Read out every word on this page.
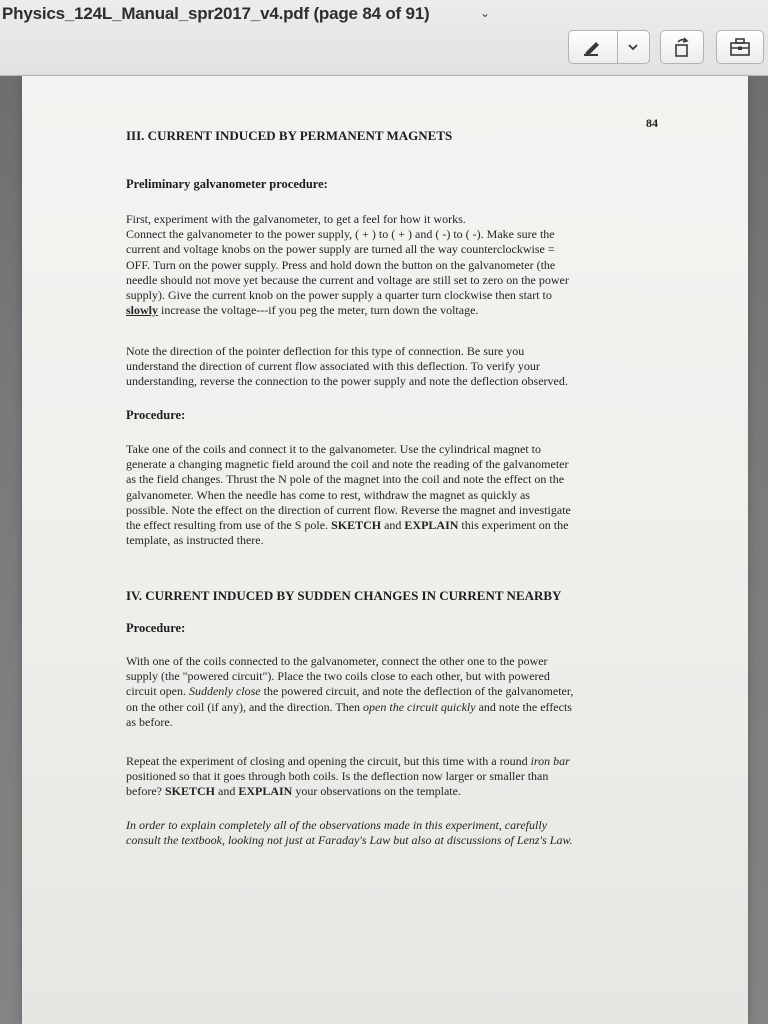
Physics_124L_Manual_spr2017_v4.pdf (page 84 of 91)	⌄
84
III. CURRENT INDUCED BY PERMANENT MAGNETS
Preliminary galvanometer procedure:
First, experiment with the galvanometer, to get a feel for how it works.
Connect the galvanometer to the power supply, ( + ) to ( + ) and ( -) to ( -). Make sure the
current and voltage knobs on the power supply are turned all the way counterclockwise =
OFF. Turn on the power supply. Press and hold down the button on the galvanometer (the
needle should not move yet because the current and voltage are still set to zero on the power
supply). Give the current knob on the power supply a quarter turn clockwise then start to
slowly increase the voltage---if you peg the meter, turn down the voltage.
Note the direction of the pointer deflection for this type of connection. Be sure you
understand the direction of current flow associated with this deflection. To verify your
understanding, reverse the connection to the power supply and note the deflection observed.
Procedure:
Take one of the coils and connect it to the galvanometer. Use the cylindrical magnet to
generate a changing magnetic field around the coil and note the reading of the galvanometer
as the field changes. Thrust the N pole of the magnet into the coil and note the effect on the
galvanometer. When the needle has come to rest, withdraw the magnet as quickly as
possible. Note the effect on the direction of current flow. Reverse the magnet and investigate
the effect resulting from use of the S pole. SKETCH and EXPLAIN this experiment on the
template, as instructed there.
IV. CURRENT INDUCED BY SUDDEN CHANGES IN CURRENT NEARBY
Procedure:
With one of the coils connected to the galvanometer, connect the other one to the power
supply (the "powered circuit"). Place the two coils close to each other, but with powered
circuit open. Suddenly close the powered circuit, and note the deflection of the galvanometer,
on the other coil (if any), and the direction. Then open the circuit quickly and note the effects
as before.
Repeat the experiment of closing and opening the circuit, but this time with a round iron bar
positioned so that it goes through both coils. Is the deflection now larger or smaller than
before? SKETCH and EXPLAIN your observations on the template.
In order to explain completely all of the observations made in this experiment, carefully
consult the textbook, looking not just at Faraday's Law but also at discussions of Lenz's Law.
